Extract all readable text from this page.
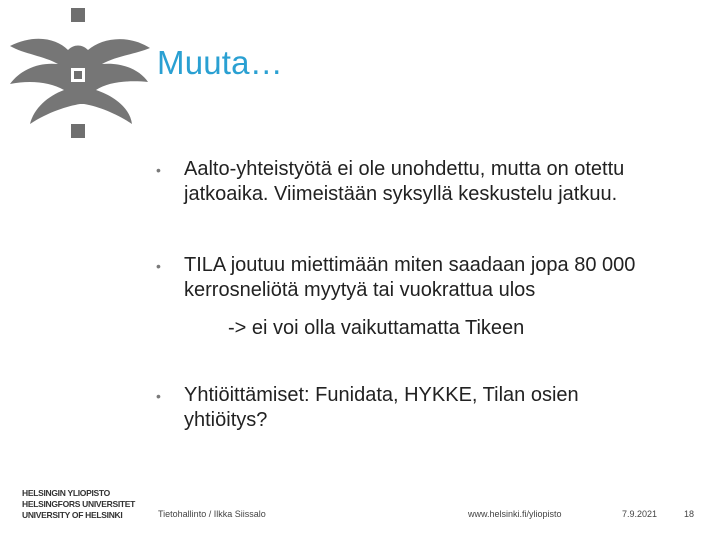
Muuta…
•	Aalto-yhteistyötä ei ole unohdettu, mutta on otettu jatkoaika. Viimeistään syksyllä keskustelu jatkuu.
•	TILA joutuu miettimään miten saadaan jopa 80 000 kerrosneliötä myytyä tai vuokrattua ulos
-> ei voi olla vaikuttamatta Tikeen
•	Yhtiöittämiset: Funidata, HYKKE, Tilan osien yhtiöitys?
HELSINGIN YLIOPISTO
HELSINGFORS UNIVERSITET
UNIVERSITY OF HELSINKI	Tietohallinto / Ilkka Siissalo	www.helsinki.fi/yliopisto	7.9.2021	18
